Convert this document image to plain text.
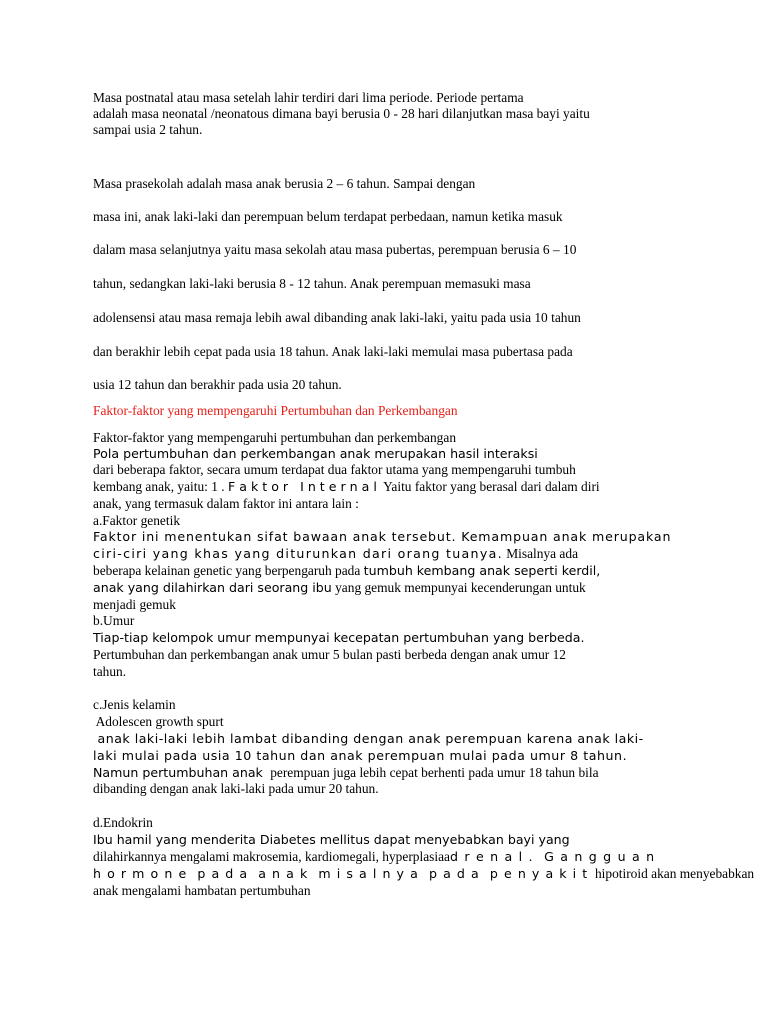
Masa postnatal atau masa setelah lahir terdiri dari lima periode. Periode pertama
adalah masa neonatal /neonatous dimana bayi berusia 0 - 28 hari dilanjutkan masa bayi yaitu
sampai usia 2 tahun.
Masa prasekolah adalah masa anak berusia 2 – 6 tahun. Sampai dengan
masa ini, anak laki-laki dan perempuan belum terdapat perbedaan, namun ketika masuk
dalam masa selanjutnya yaitu masa sekolah atau masa pubertas, perempuan berusia 6 – 10
tahun, sedangkan laki-laki berusia 8 - 12 tahun. Anak perempuan memasuki masa
adolensensi atau masa remaja lebih awal dibanding anak laki-laki, yaitu pada usia 10 tahun
dan berakhir lebih cepat pada usia 18 tahun. Anak laki-laki memulai masa pubertasa pada
usia 12 tahun dan berakhir pada usia 20 tahun.
Faktor-faktor yang mempengaruhi Pertumbuhan dan Perkembangan
Faktor-faktor yang mempengaruhi pertumbuhan dan perkembangan
Pola pertumbuhan dan perkembangan anak merupakan hasil interaksi
dari beberapa faktor, secara umum terdapat dua faktor utama yang mempengaruhi tumbuh
kembang anak, yaitu: 1 . F a k t o r   I n t e r n a l  Yaitu faktor yang berasal dari dalam diri
anak, yang termasuk dalam faktor ini antara lain :
a.Faktor genetik
Faktor ini menentukan sifat bawaan anak tersebut. Kemampuan anak merupakan
ciri-ciri yang khas yang diturunkan dari orang tuanya. Misalnya ada
beberapa kelainan genetic yang berpengaruh pada tumbuh kembang anak seperti kerdil,
anak yang dilahirkan dari seorang ibu yang gemuk mempunyai kecenderungan untuk
menjadi gemuk
b.Umur
Tiap-tiap kelompok umur mempunyai kecepatan pertumbuhan yang berbeda.
Pertumbuhan dan perkembangan anak umur 5 bulan pasti berbeda dengan anak umur 12
tahun.
c.Jenis kelamin
Adolescen growth spurt
anak laki-laki lebih lambat dibanding dengan anak perempuan karena anak laki-
laki mulai pada usia 10 tahun dan anak perempuan mulai pada umur 8 tahun.
Namun pertumbuhan anak  perempuan juga lebih cepat berhenti pada umur 18 tahun bila
dibanding dengan anak laki-laki pada umur 20 tahun.
d.Endokrin
Ibu hamil yang menderita Diabetes mellitus dapat menyebabkan bayi yang
dilahirkannya mengalami makrosemia, kardiomegali, hyperplasiaad r e n a l .  G a n g g u a n
h o r m o n e  p a d a  a n a k  m i s a l n y a  p a d a  p e n y a k i t  hipotiroid akan menyebabkan
anak mengalami hambatan pertumbuhan
